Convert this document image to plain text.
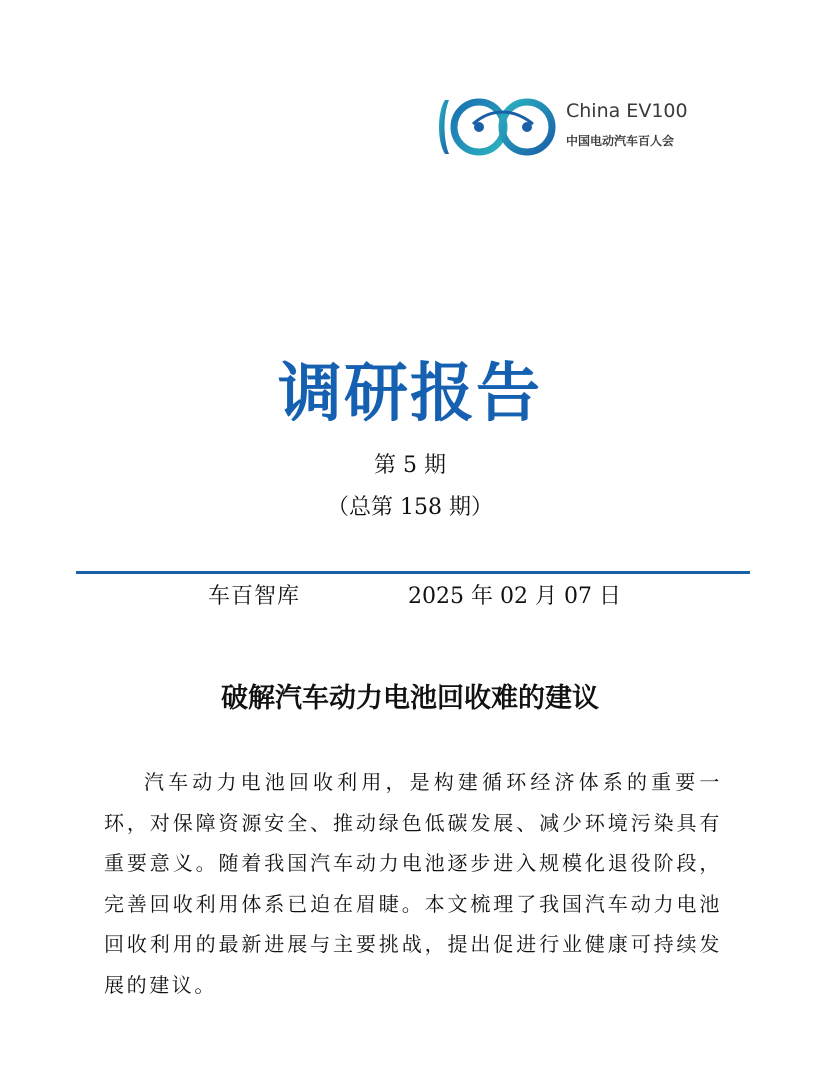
China EV100
中国电动汽车百人会
调研报告
第 5 期
（总第 158 期）
车百智库	2025 年 02 月 07 日
破解汽车动力电池回收难的建议

汽车动力电池回收利用，是构建循环经济体系的重要一环，对保障资源安全、推动绿色低碳发展、减少环境污染具有重要意义。随着我国汽车动力电池逐步进入规模化退役阶段，完善回收利用体系已迫在眉睫。本文梳理了我国汽车动力电池回收利用的最新进展与主要挑战，提出促进行业健康可持续发展的建议。
